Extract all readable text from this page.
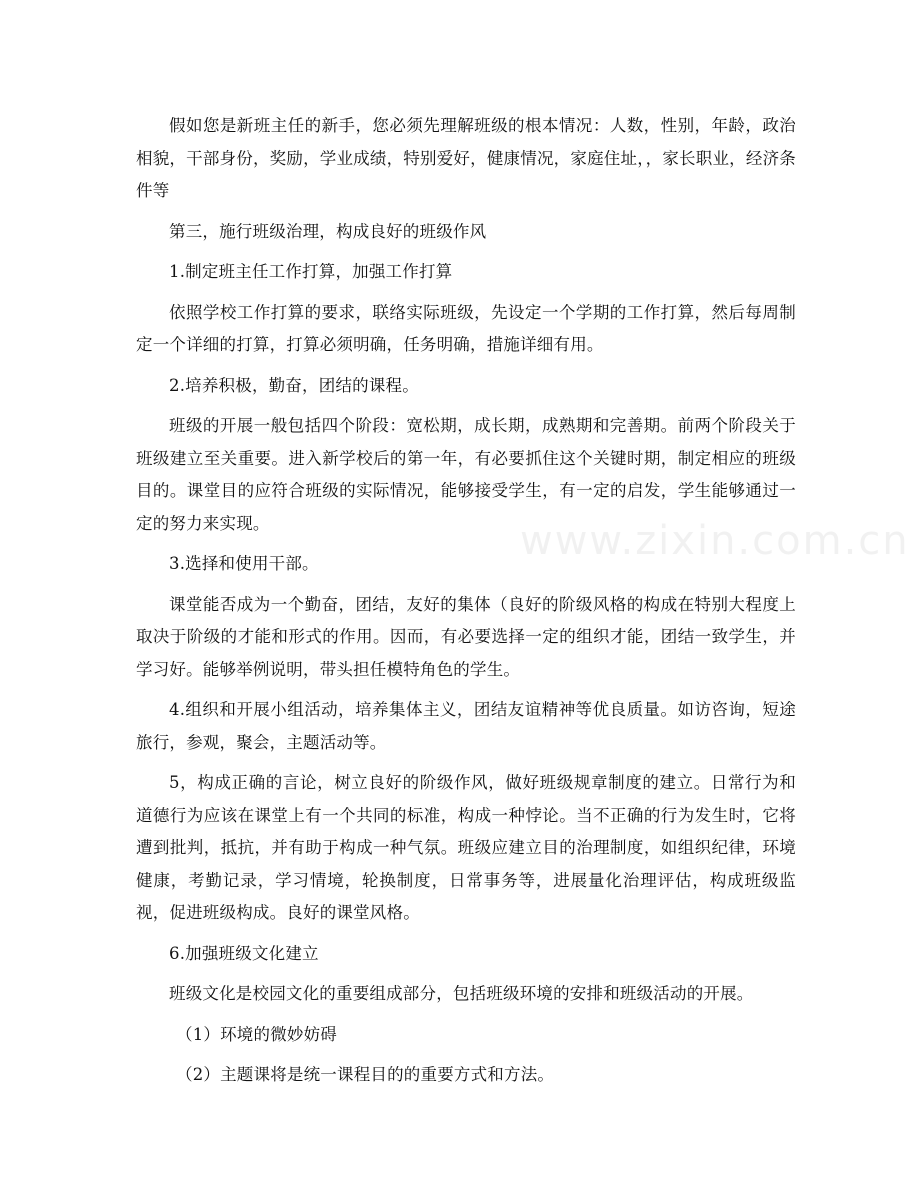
www.zixin.com.cn

假如您是新班主任的新手，您必须先理解班级的根本情况：人数，性别，年龄，政治相貌，干部身份，奖励，学业成绩，特别爱好，健康情况，家庭住址，，家长职业，经济条件等

第三，施行班级治理，构成良好的班级作风

1.制定班主任工作打算，加强工作打算

依照学校工作打算的要求，联络实际班级，先设定一个学期的工作打算，然后每周制定一个详细的打算，打算必须明确，任务明确，措施详细有用。

2.培养积极，勤奋，团结的课程。

班级的开展一般包括四个阶段：宽松期，成长期，成熟期和完善期。前两个阶段关于班级建立至关重要。进入新学校后的第一年，有必要抓住这个关键时期，制定相应的班级目的。课堂目的应符合班级的实际情况，能够接受学生，有一定的启发，学生能够通过一定的努力来实现。

3.选择和使用干部。

课堂能否成为一个勤奋，团结，友好的集体（良好的阶级风格的构成在特别大程度上取决于阶级的才能和形式的作用。因而，有必要选择一定的组织才能，团结一致学生，并学习好。能够举例说明，带头担任模特角色的学生。

4.组织和开展小组活动，培养集体主义，团结友谊精神等优良质量。如访咨询，短途旅行，参观，聚会，主题活动等。

5，构成正确的言论，树立良好的阶级作风，做好班级规章制度的建立。日常行为和道德行为应该在课堂上有一个共同的标准，构成一种悖论。当不正确的行为发生时，它将遭到批判，抵抗，并有助于构成一种气氛。班级应建立目的治理制度，如组织纪律，环境健康，考勤记录，学习情境，轮换制度，日常事务等，进展量化治理评估，构成班级监视，促进班级构成。良好的课堂风格。

6.加强班级文化建立

班级文化是校园文化的重要组成部分，包括班级环境的安排和班级活动的开展。

（1）环境的微妙妨碍

（2）主题课将是统一课程目的的重要方式和方法。
